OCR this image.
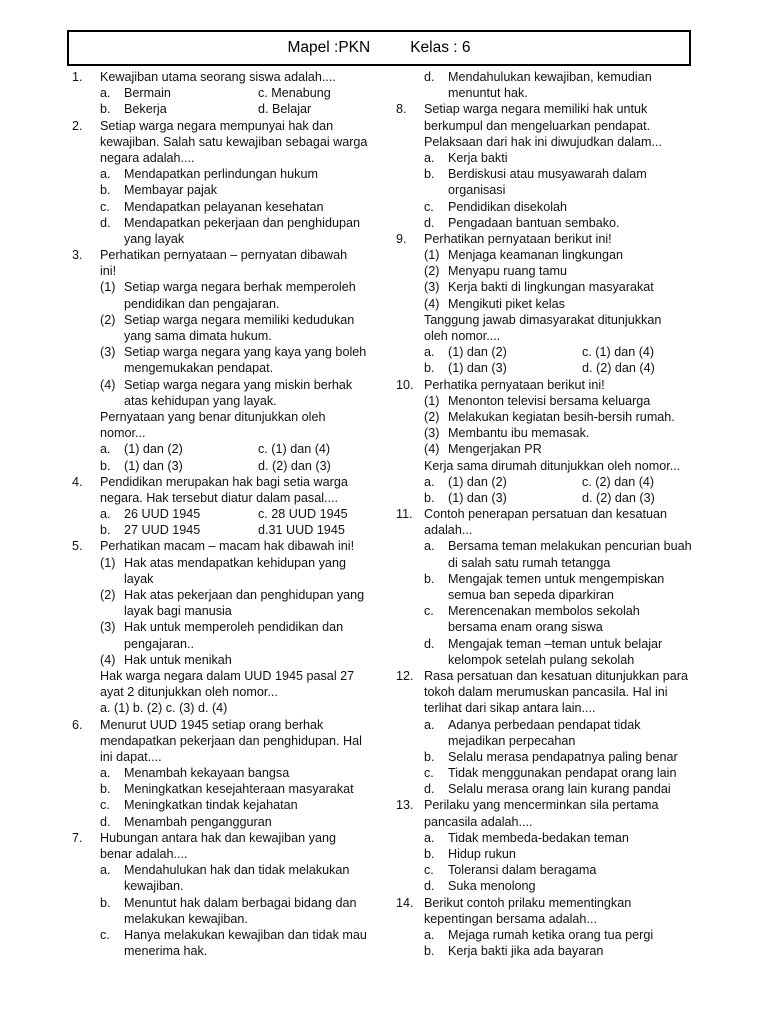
Mapel :PKN	Kelas : 6
1. Kewajiban utama seorang siswa adalah....
a. Bermain	c. Menabung
b. Bekerja	d. Belajar
2. Setiap warga negara mempunyai hak dan
kewajiban. Salah satu kewajiban sebagai warga
negara adalah....
a. Mendapatkan perlindungan hukum
b. Membayar pajak
c. Mendapatkan pelayanan kesehatan
d. Mendapatkan pekerjaan dan penghidupan
yang layak
3. Perhatikan pernyataan – pernyatan dibawah
ini!
(1) Setiap warga negara berhak memperoleh
pendidikan dan pengajaran.
(2) Setiap warga negara memiliki kedudukan
yang sama dimata hukum.
(3) Setiap warga negara yang kaya yang boleh
mengemukakan pendapat.
(4) Setiap warga negara yang miskin berhak
atas kehidupan yang layak.
Pernyataan yang benar ditunjukkan oleh
nomor...
a. (1) dan (2)	c. (1) dan (4)
b. (1) dan (3)	d. (2) dan (3)
4. Pendidikan merupakan hak bagi setia warga
negara. Hak tersebut diatur dalam pasal....
a. 26 UUD 1945	c. 28 UUD 1945
b. 27 UUD 1945	d.31 UUD 1945
5. Perhatikan macam – macam hak dibawah ini!
(1) Hak atas mendapatkan kehidupan yang
layak
(2) Hak atas pekerjaan dan penghidupan yang
layak bagi manusia
(3) Hak untuk memperoleh pendidikan dan
pengajaran..
(4) Hak untuk menikah
Hak warga negara dalam UUD 1945 pasal 27
ayat 2 ditunjukkan oleh nomor...
a. (1) b. (2) c. (3) d. (4)
6. Menurut UUD 1945 setiap orang berhak
mendapatkan pekerjaan dan penghidupan. Hal
ini dapat....
a. Menambah kekayaan bangsa
b. Meningkatkan kesejahteraan masyarakat
c. Meningkatkan tindak kejahatan
d. Menambah pengangguran
7. Hubungan antara hak dan kewajiban yang
benar adalah....
a. Mendahulukan hak dan tidak melakukan
kewajiban.
b. Menuntut hak dalam berbagai bidang dan
melakukan kewajiban.
c. Hanya melakukan kewajiban dan tidak mau
menerima hak.
d. Mendahulukan kewajiban, kemudian
menuntut hak.
8. Setiap warga negara memiliki hak untuk
berkumpul dan mengeluarkan pendapat.
Pelaksaan dari hak ini diwujudkan dalam...
a. Kerja bakti
b. Berdiskusi atau musyawarah dalam
organisasi
c. Pendidikan disekolah
d. Pengadaan bantuan sembako.
9. Perhatikan pernyataan berikut ini!
(1) Menjaga keamanan lingkungan
(2) Menyapu ruang tamu
(3) Kerja bakti di lingkungan masyarakat
(4) Mengikuti piket kelas
Tanggung jawab dimasyarakat ditunjukkan
oleh nomor....
a. (1) dan (2)	c. (1) dan (4)
b. (1) dan (3)	d. (2) dan (4)
10. Perhatika pernyataan berikut ini!
(1) Menonton televisi bersama keluarga
(2) Melakukan kegiatan besih-bersih rumah.
(3) Membantu ibu memasak.
(4) Mengerjakan PR
Kerja sama dirumah ditunjukkan oleh nomor...
a. (1) dan (2)	c. (2) dan (4)
b. (1) dan (3)	d. (2) dan (3)
11. Contoh penerapan persatuan dan kesatuan
adalah...
a. Bersama teman melakukan pencurian buah
di salah satu rumah tetangga
b. Mengajak temen untuk mengempiskan
semua ban sepeda diparkiran
c. Merencenakan membolos sekolah
bersama enam orang siswa
d. Mengajak teman –teman untuk belajar
kelompok setelah pulang sekolah
12. Rasa persatuan dan kesatuan ditunjukkan para
tokoh dalam merumuskan pancasila. Hal ini
terlihat dari sikap antara lain....
a. Adanya perbedaan pendapat tidak
mejadikan perpecahan
b. Selalu merasa pendapatnya paling benar
c. Tidak menggunakan pendapat orang lain
d. Selalu merasa orang lain kurang pandai
13. Perilaku yang mencerminkan sila pertama
pancasila adalah....
a. Tidak membeda-bedakan teman
b. Hidup rukun
c. Toleransi dalam beragama
d. Suka menolong
14. Berikut contoh prilaku mementingkan
kepentingan bersama adalah...
a. Mejaga rumah ketika orang tua pergi
b. Kerja bakti jika ada bayaran
